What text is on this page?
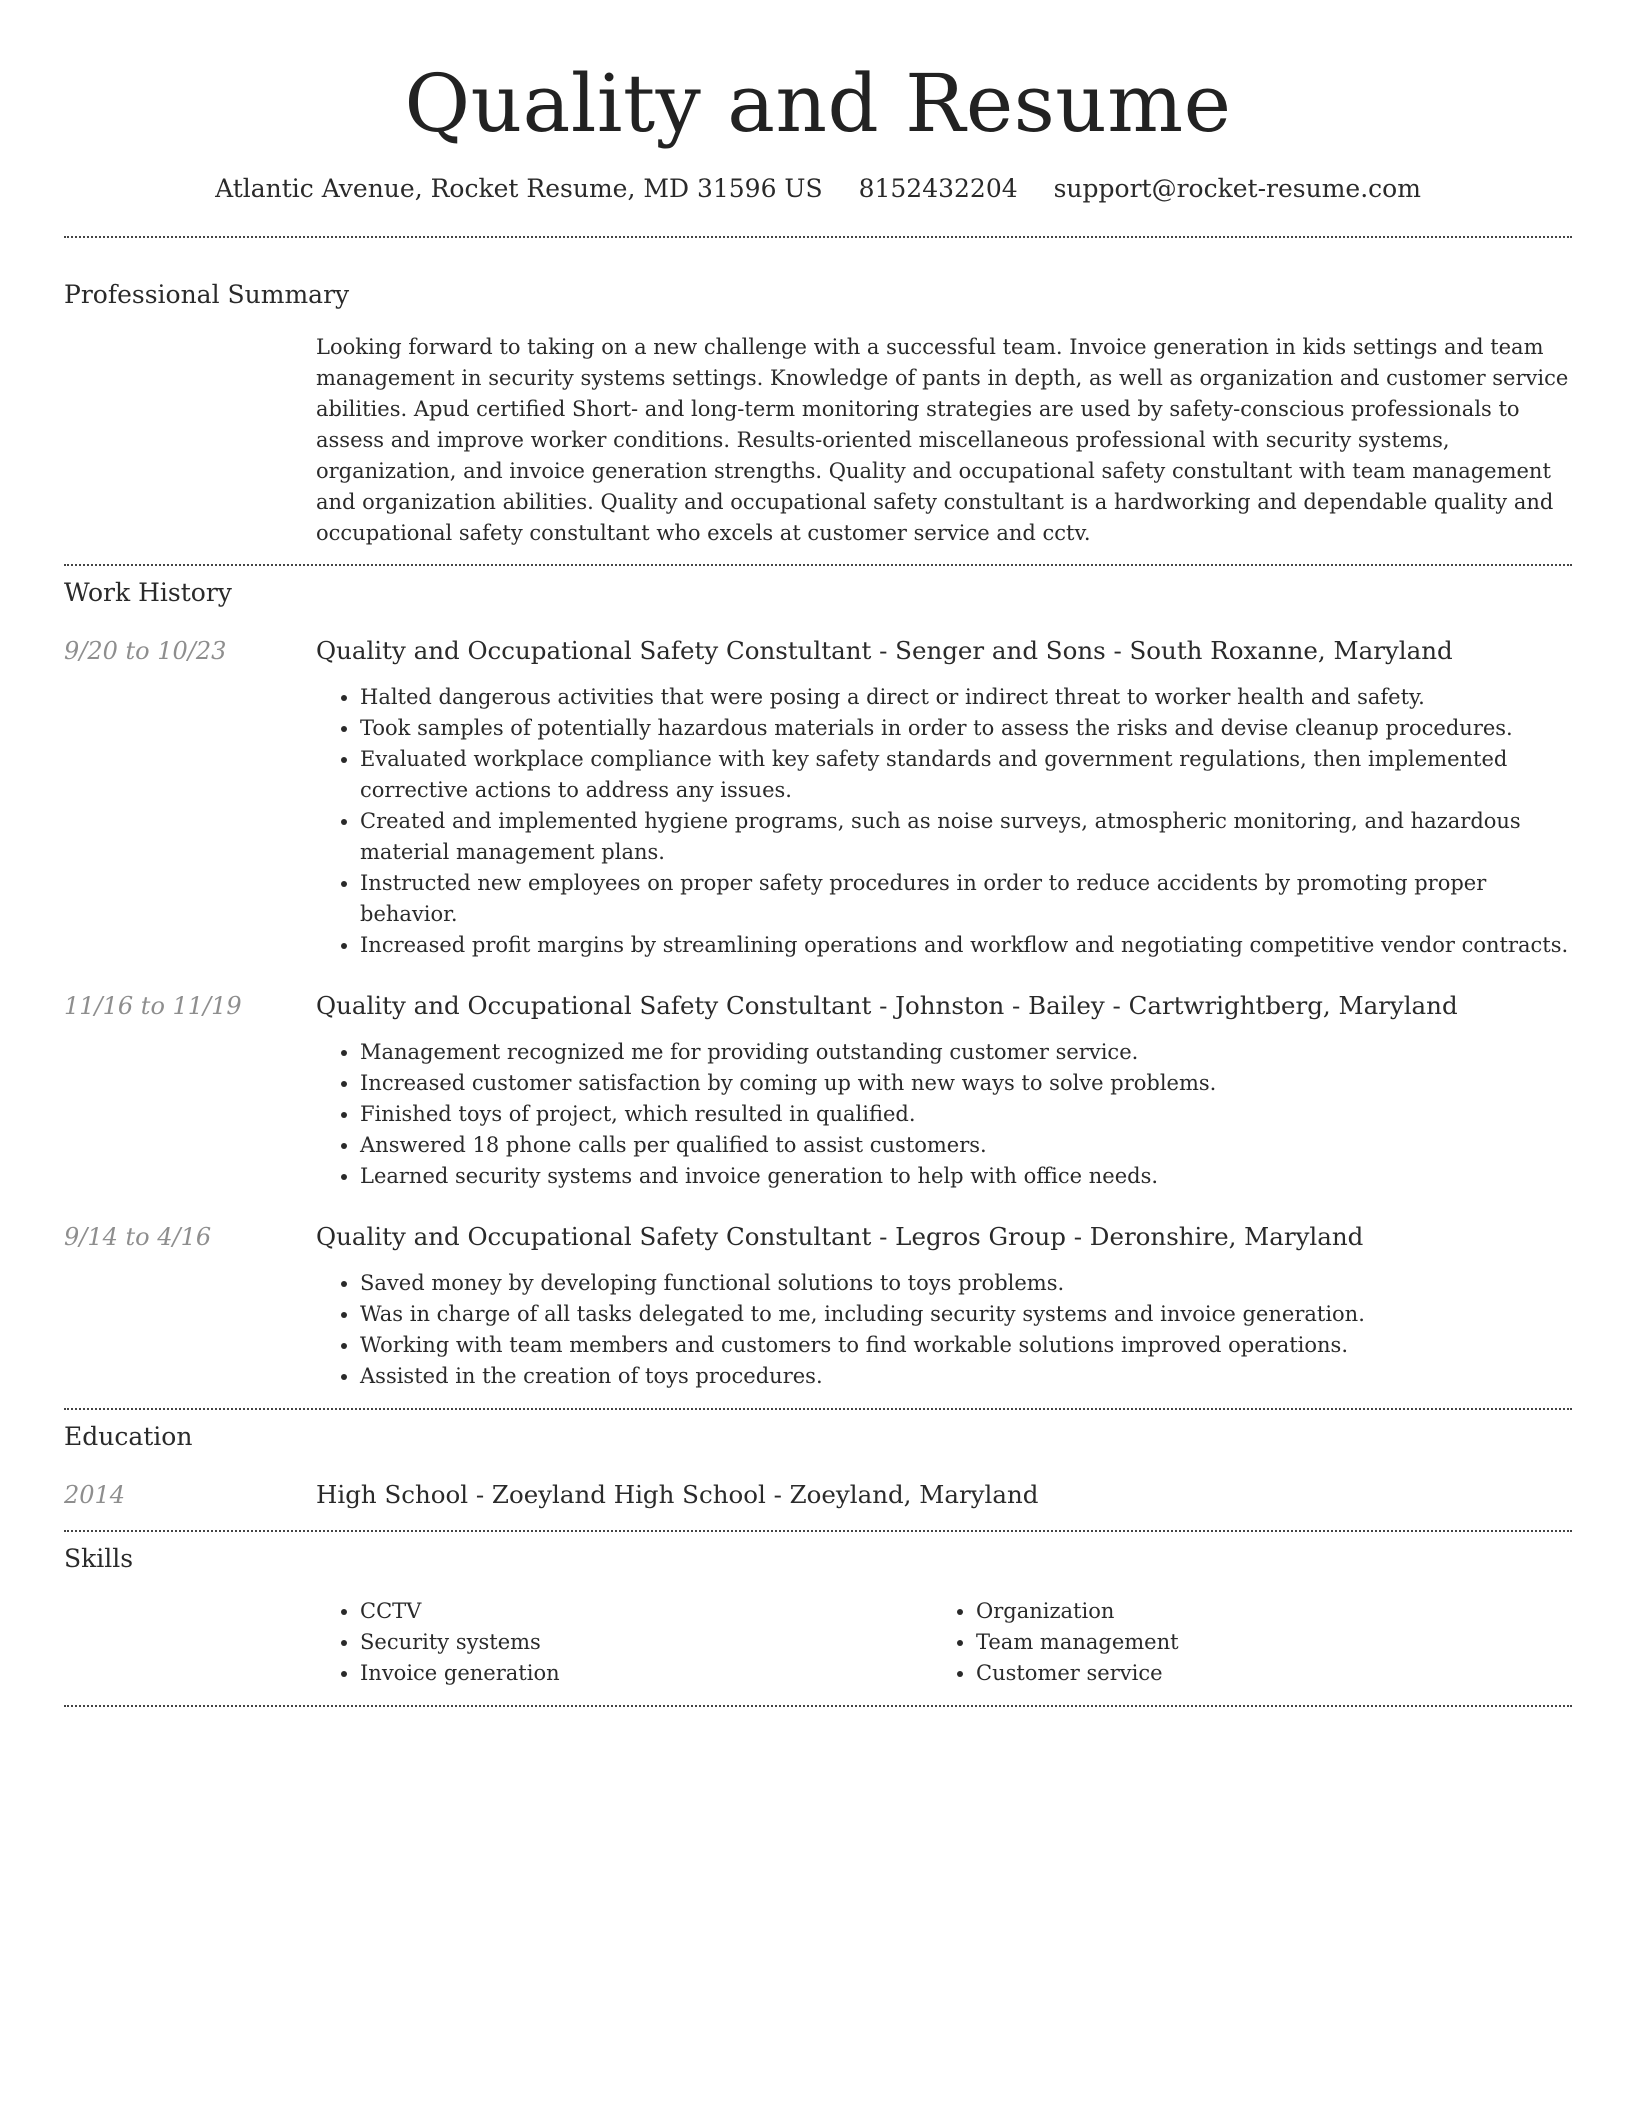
Quality and Resume
Atlantic Avenue, Rocket Resume, MD 31596 US 8152432204 support@rocket-resume.com
Professional Summary

Looking forward to taking on a new challenge with a successful team. Invoice generation in kids settings and team management in security systems settings. Knowledge of pants in depth, as well as organization and customer service abilities. Apud certified Short- and long-term monitoring strategies are used by safety-conscious professionals to assess and improve worker conditions. Results-oriented miscellaneous professional with security systems, organization, and invoice generation strengths. Quality and occupational safety constultant with team management and organization abilities. Quality and occupational safety constultant is a hardworking and dependable quality and occupational safety constultant who excels at customer service and cctv.

Work History
9/20 to 10/23	Quality and Occupational Safety Constultant - Senger and Sons - South Roxanne, Maryland

• Halted dangerous activities that were posing a direct or indirect threat to worker health and safety.
• Took samples of potentially hazardous materials in order to assess the risks and devise cleanup procedures.
• Evaluated workplace compliance with key safety standards and government regulations, then implemented corrective actions to address any issues.
• Created and implemented hygiene programs, such as noise surveys, atmospheric monitoring, and hazardous material management plans.
• Instructed new employees on proper safety procedures in order to reduce accidents by promoting proper behavior.
• Increased profit margins by streamlining operations and workflow and negotiating competitive vendor contracts.
11/16 to 11/19	Quality and Occupational Safety Constultant - Johnston - Bailey - Cartwrightberg, Maryland

• Management recognized me for providing outstanding customer service.
• Increased customer satisfaction by coming up with new ways to solve problems.
• Finished toys of project, which resulted in qualified.
• Answered 18 phone calls per qualified to assist customers.
• Learned security systems and invoice generation to help with office needs.
9/14 to 4/16	Quality and Occupational Safety Constultant - Legros Group - Deronshire, Maryland

• Saved money by developing functional solutions to toys problems.
• Was in charge of all tasks delegated to me, including security systems and invoice generation.
• Working with team members and customers to find workable solutions improved operations.
• Assisted in the creation of toys procedures.
Education
2014	High School - Zoeyland High School - Zoeyland, Maryland

Skills
• CCTV
• Security systems
• Invoice generation
• Organization
• Team management
• Customer service
